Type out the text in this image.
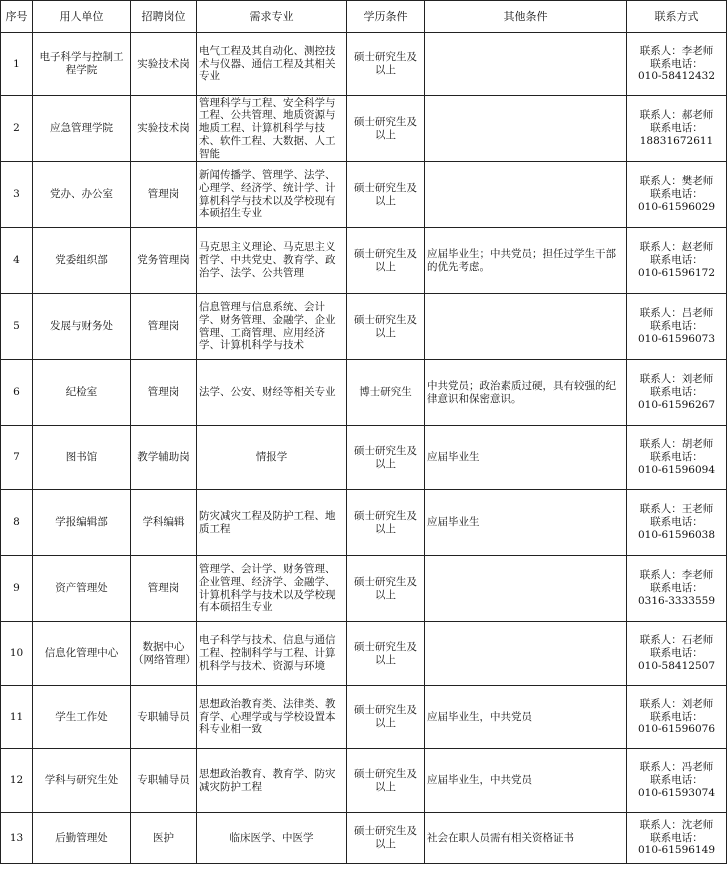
序号	用人单位	招聘岗位	需求专业	学历条件	其他条件	联系方式
1	电子科学与控制工程学院	实验技术岗	电气工程及其自动化、测控技术与仪器、通信工程及其相关专业	硕士研究生及以上		联系人：李老师
联系电话：
010-58412432

2	应急管理学院	实验技术岗	管理科学与工程、安全科学与工程、公共管理、地质资源与地质工程、计算机科学与技术、软件工程、大数据、人工智能	硕士研究生及以上		联系人：郝老师
联系电话：
18831672611

3	党办、办公室	管理岗	新闻传播学、管理学、法学、心理学、经济学、统计学、计算机科学与技术以及学校现有本硕招生专业	硕士研究生及以上		联系人：樊老师
联系电话：
010-61596029

4	党委组织部	党务管理岗	马克思主义理论、马克思主义哲学、中共党史、教育学、政治学、法学、公共管理	硕士研究生及以上	应届毕业生；中共党员；担任过学生干部的优先考虑。	联系人：赵老师
联系电话：
010-61596172

5	发展与财务处	管理岗	信息管理与信息系统、会计学、财务管理、金融学、企业管理、工商管理、应用经济学、计算机科学与技术	硕士研究生及以上		联系人：吕老师
联系电话：
010-61596073

6	纪检室	管理岗	法学、公安、财经等相关专业	博士研究生	中共党员；政治素质过硬，具有较强的纪律意识和保密意识。	联系人：刘老师
联系电话：
010-61596267

7	图书馆	教学辅助岗	情报学	硕士研究生及以上	应届毕业生	联系人：胡老师
联系电话：
010-61596094

8	学报编辑部	学科编辑	防灾减灾工程及防护工程、地质工程	硕士研究生及以上	应届毕业生	联系人：王老师
联系电话：
010-61596038

9	资产管理处	管理岗	管理学、会计学、财务管理、企业管理、经济学、金融学、计算机科学与技术以及学校现有本硕招生专业	硕士研究生及以上		联系人：李老师
联系电话：
0316-3333559

10	信息化管理中心	数据中心（网络管理）	电子科学与技术、信息与通信工程、控制科学与工程、计算机科学与技术、资源与环境	硕士研究生及以上		联系人：石老师
联系电话：
010-58412507

11	学生工作处	专职辅导员	思想政治教育类、法律类、教育学、心理学或与学校设置本科专业相一致	硕士研究生及以上	应届毕业生，中共党员	联系人：刘老师
联系电话：
010-61596076

12	学科与研究生处	专职辅导员	思想政治教育、教育学、防灾减灾防护工程	硕士研究生及以上	应届毕业生，中共党员	联系人：冯老师
联系电话：
010-61593074

13	后勤管理处	医护	临床医学、中医学	硕士研究生及以上	社会在职人员需有相关资格证书	联系人：沈老师
联系电话：
010-61596149
